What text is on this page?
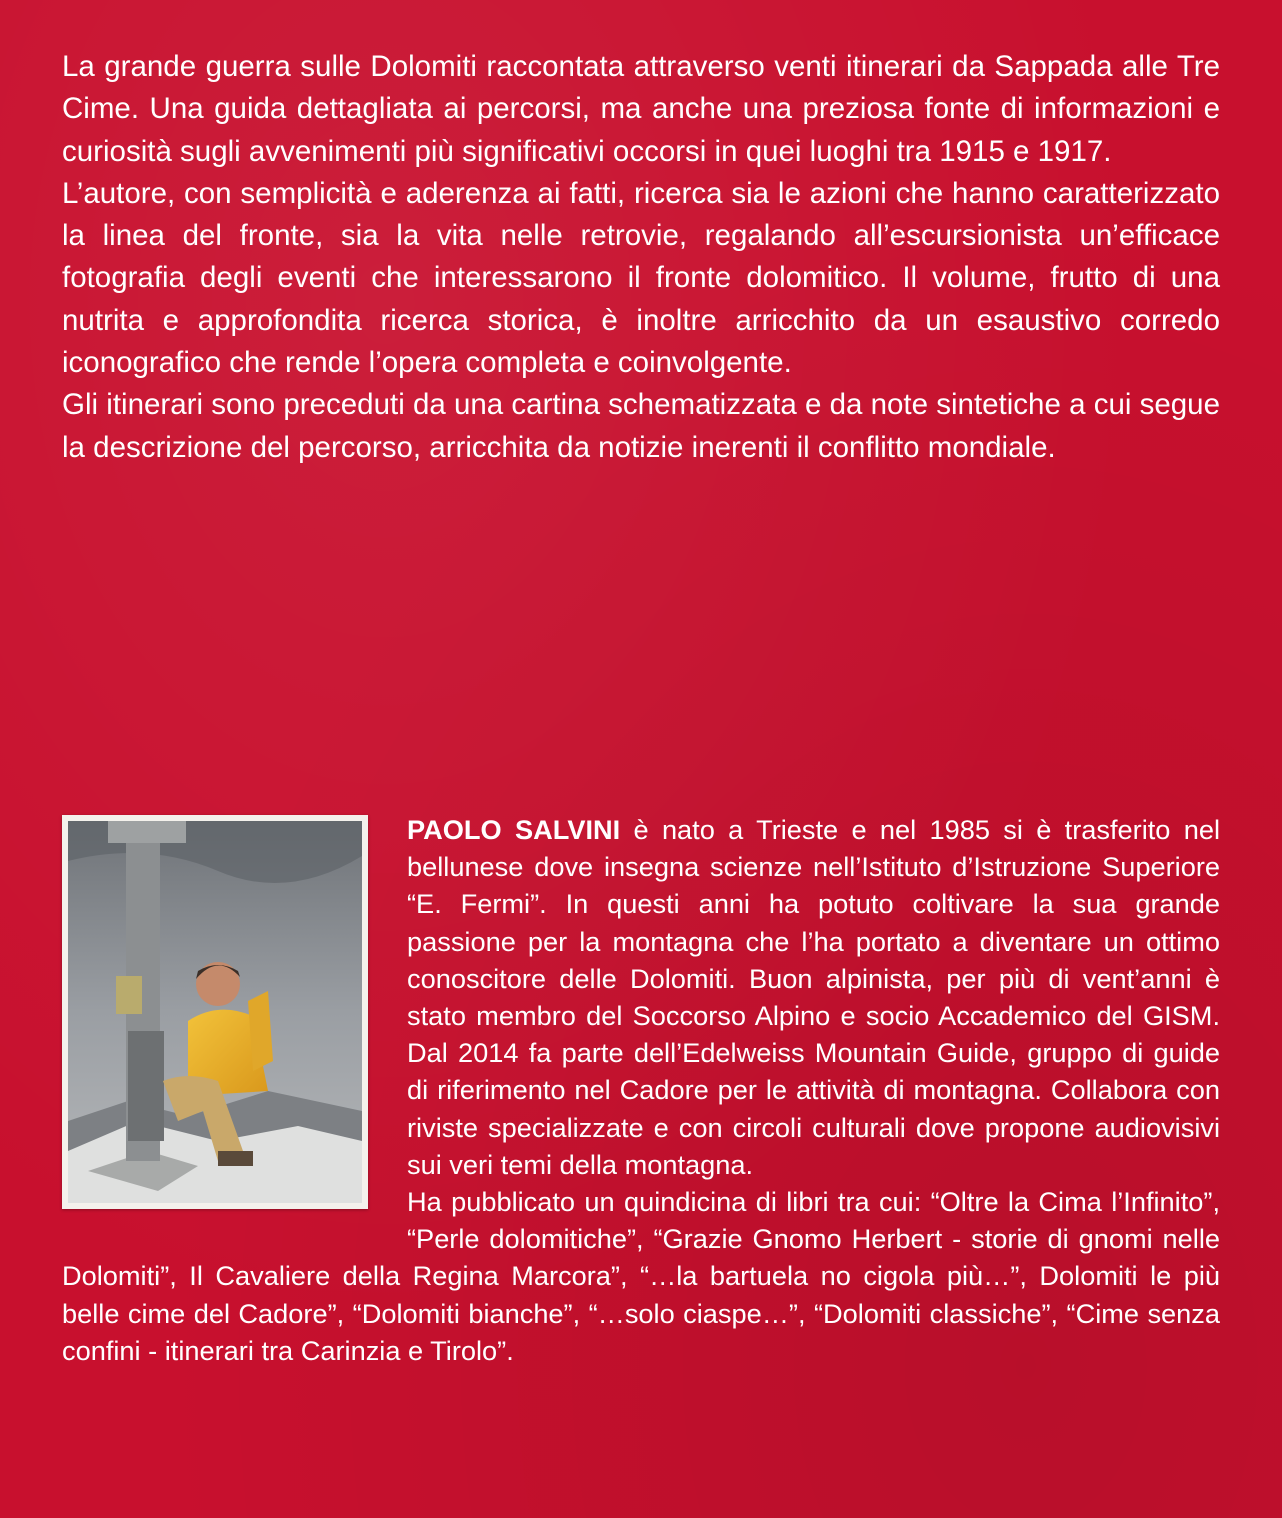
La grande guerra sulle Dolomiti raccontata attraverso venti itinerari da Sappada alle Tre Cime. Una guida dettagliata ai percorsi, ma anche una preziosa fonte di informazioni e curiosità sugli avvenimenti più significativi occorsi in quei luoghi tra 1915 e 1917.

L’autore, con semplicità e aderenza ai fatti, ricerca sia le azioni che hanno caratterizzato la linea del fronte, sia la vita nelle retrovie, regalando all’escursionista un’efficace fotografia degli eventi che interessarono il fronte dolomitico. Il volume, frutto di una nutrita e approfondita ricerca storica, è inoltre arricchito da un esaustivo corredo iconografico che rende l’opera completa e coinvolgente.

Gli itinerari sono preceduti da una cartina schematizzata e da note sintetiche a cui segue la descrizione del percorso, arricchita da notizie inerenti il conflitto mondiale.

PAOLO SALVINI è nato a Trieste e nel 1985 si è trasferito nel bellunese dove insegna scienze nell’Istituto d’Istruzione Superiore “E. Fermi”. In questi anni ha potuto coltivare la sua grande passione per la montagna che l’ha portato a diventare un ottimo conoscitore delle Dolomiti. Buon alpinista, per più di vent’anni è stato membro del Soccorso Alpino e socio Accademico del GISM. Dal 2014 fa parte dell’Edelweiss Mountain Guide, gruppo di guide di riferimento nel Cadore per le attività di montagna. Collabora con riviste specializzate e con circoli culturali dove propone audiovisivi sui veri temi della montagna.

Ha pubblicato un quindicina di libri tra cui: “Oltre la Cima l’Infinito”, “Perle dolomitiche”, “Grazie Gnomo Herbert - storie di gnomi nelle Dolomiti”, Il Cavaliere della Regina Marcora”, “…la bartuela no cigola più…”, Dolomiti le più belle cime del Cadore”, “Dolomiti bianche”, “…solo ciaspe…”, “Dolomiti classiche”, “Cime senza confini - itinerari tra Carinzia e Tirolo”.
